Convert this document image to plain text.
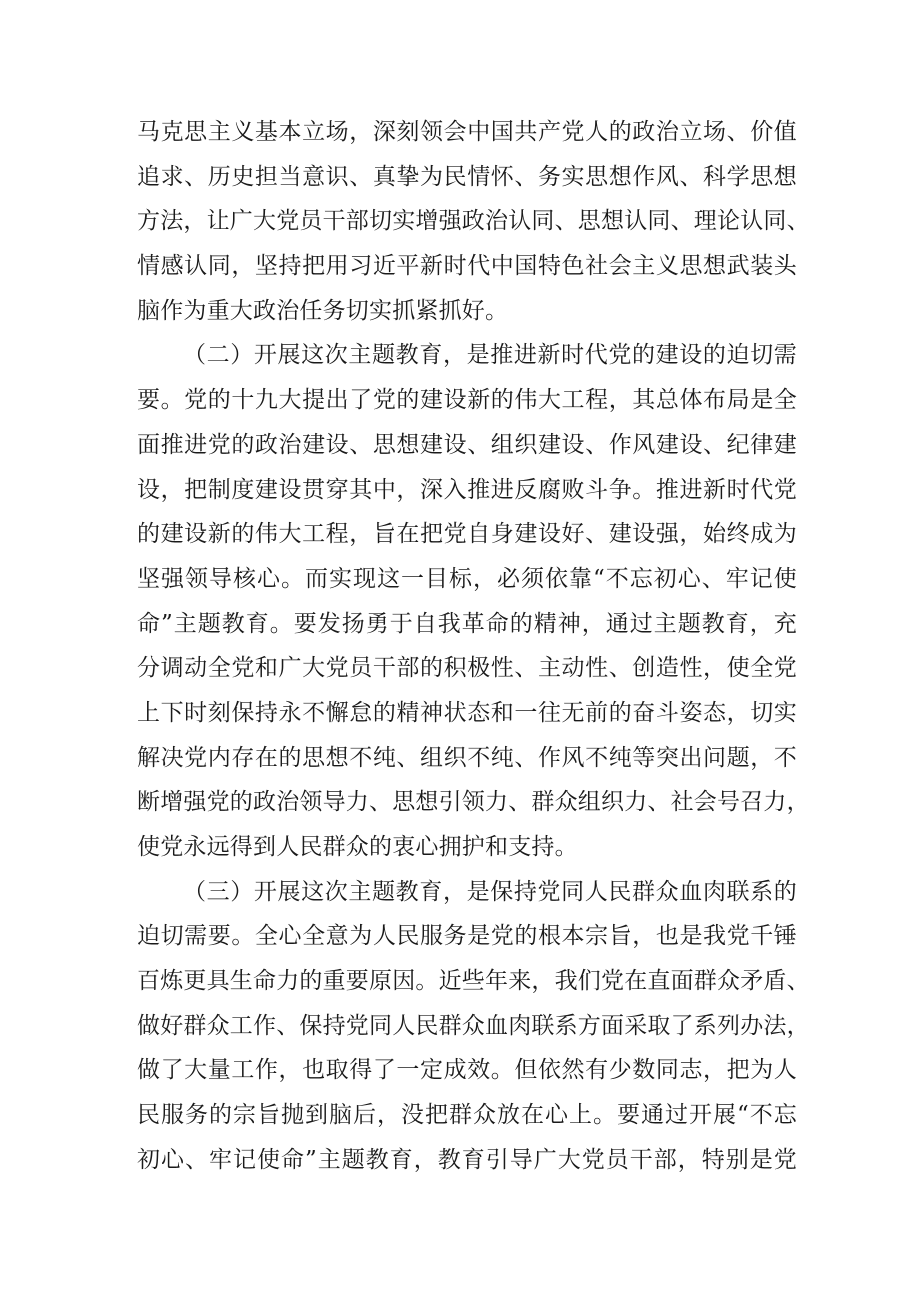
马克思主义基本立场，深刻领会中国共产党人的政治立场、价值
追求、历史担当意识、真挚为民情怀、务实思想作风、科学思想
方法，让广大党员干部切实增强政治认同、思想认同、理论认同、
情感认同，坚持把用习近平新时代中国特色社会主义思想武装头
脑作为重大政治任务切实抓紧抓好。
（二）开展这次主题教育，是推进新时代党的建设的迫切需
要。党的十九大提出了党的建设新的伟大工程，其总体布局是全
面推进党的政治建设、思想建设、组织建设、作风建设、纪律建
设，把制度建设贯穿其中，深入推进反腐败斗争。推进新时代党
的建设新的伟大工程，旨在把党自身建设好、建设强，始终成为
坚强领导核心。而实现这一目标，必须依靠“不忘初心、牢记使
命”主题教育。要发扬勇于自我革命的精神，通过主题教育，充
分调动全党和广大党员干部的积极性、主动性、创造性，使全党
上下时刻保持永不懈怠的精神状态和一往无前的奋斗姿态，切实
解决党内存在的思想不纯、组织不纯、作风不纯等突出问题，不
断增强党的政治领导力、思想引领力、群众组织力、社会号召力，
使党永远得到人民群众的衷心拥护和支持。
（三）开展这次主题教育，是保持党同人民群众血肉联系的
迫切需要。全心全意为人民服务是党的根本宗旨，也是我党千锤
百炼更具生命力的重要原因。近些年来，我们党在直面群众矛盾、
做好群众工作、保持党同人民群众血肉联系方面采取了系列办法，
做了大量工作，也取得了一定成效。但依然有少数同志，把为人
民服务的宗旨抛到脑后，没把群众放在心上。要通过开展“不忘
初心、牢记使命”主题教育，教育引导广大党员干部，特别是党
